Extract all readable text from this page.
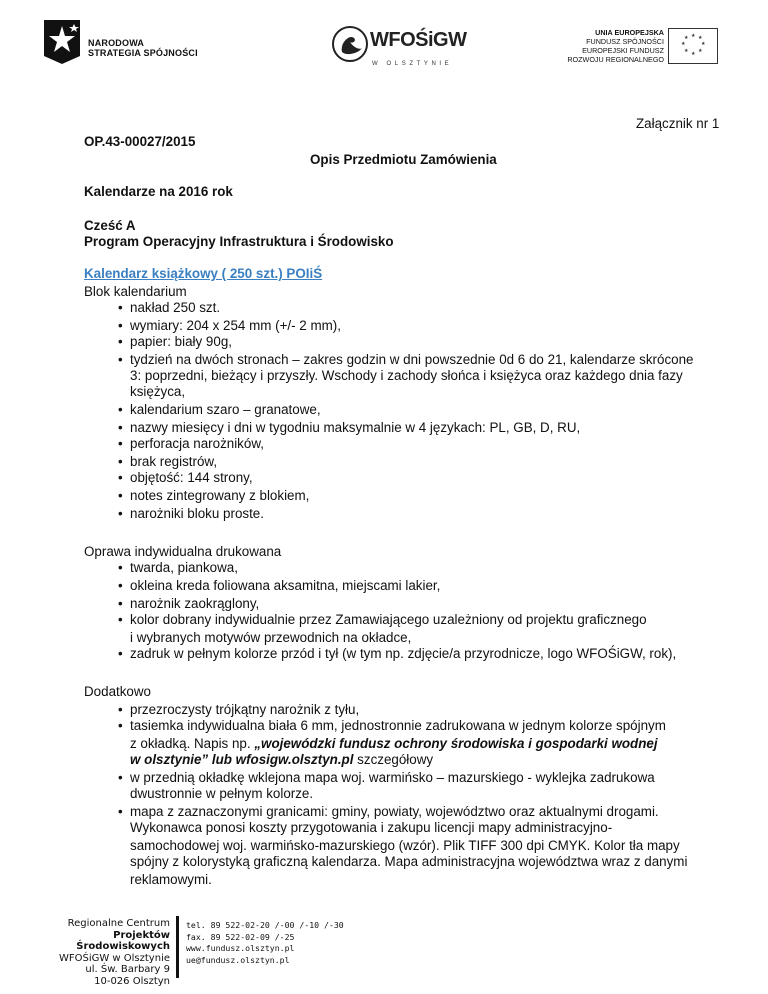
NARODOWA
STRATEGIA SPÓJNOŚCI
WFOŚiGW
W OLSZTYNIE
UNIA EUROPEJSKA
FUNDUSZ SPÓJNOŚCI
EUROPEJSKI FUNDUSZ
ROZWOJU REGIONALNEGO
★ ★
★
★
★
★
★
★
Załącznik nr 1
OP.43-00027/2015
Opis Przedmiotu Zamówienia
Kalendarze na 2016 rok
Cześć A
Program Operacyjny Infrastruktura i Środowisko
Kalendarz książkowy ( 250 szt.) POIiŚ
Blok kalendarium
nakład 250 szt.
wymiary: 204 x 254 mm (+/- 2 mm),
papier: biały 90g,
tydzień na dwóch stronach – zakres godzin w dni powszednie 0d 6 do 21, kalendarze skrócone
3: poprzedni, bieżący i przyszły. Wschody i zachody słońca i księżyca oraz każdego dnia fazy
księżyca,
kalendarium szaro – granatowe,
nazwy miesięcy i dni w tygodniu maksymalnie w 4 językach: PL, GB, D, RU,
perforacja narożników,
brak registrów,
objętość: 144 strony,
notes zintegrowany z blokiem,
narożniki bloku proste.
Oprawa indywidualna drukowana
twarda, piankowa,
okleina kreda foliowana aksamitna, miejscami lakier,
narożnik zaokrąglony,
kolor dobrany indywidualnie przez Zamawiającego uzależniony od projektu graficznego
i wybranych motywów przewodnich na okładce,
zadruk w pełnym kolorze przód i tył (w tym np. zdjęcie/a przyrodnicze, logo WFOŚiGW, rok),
Dodatkowo
przezroczysty trójkątny narożnik z tyłu,
tasiemka indywidualna biała 6 mm, jednostronnie zadrukowana w jednym kolorze spójnym
z okładką. Napis np. „wojewódzki fundusz ochrony środowiska i gospodarki wodnej
w olsztynie” lub wfosigw.olsztyn.pl szczegółowy
w przednią okładkę wklejona mapa woj. warmińsko – mazurskiego - wyklejka zadrukowa
dwustronnie w pełnym kolorze.
mapa z zaznaczonymi granicami: gminy, powiaty, województwo oraz aktualnymi drogami.
Wykonawca ponosi koszty przygotowania i zakupu licencji mapy administracyjno-
samochodowej woj. warmińsko-mazurskiego (wzór). Plik TIFF 300 dpi CMYK. Kolor tła mapy
spójny z kolorystyką graficzną kalendarza. Mapa administracyjna województwa wraz z danymi
reklamowymi.
Regionalne Centrum
Projektów Środowiskowych
WFOŚiGW w Olsztynie
ul. Św. Barbary 9
10-026 Olsztyn
tel. 89 522-02-20 /-00 /-10 /-30
fax. 89 522-02-09 /-25
www.fundusz.olsztyn.pl
ue@fundusz.olsztyn.pl
